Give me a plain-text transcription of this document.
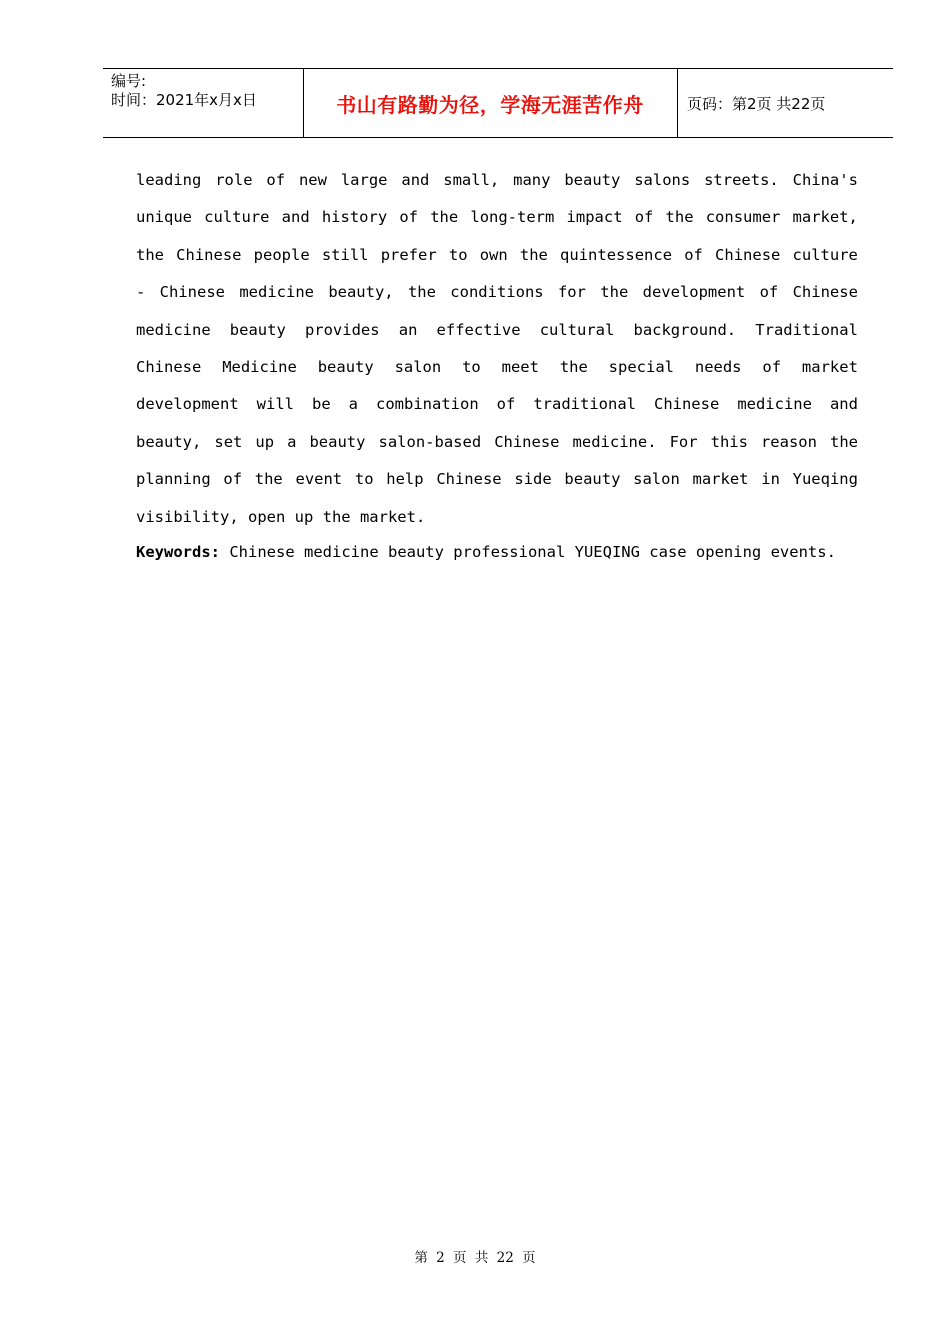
编号:
时间：2021年x月x日	书山有路勤为径，学海无涯苦作舟	页码：第2页 共22页
leading role of new large and small, many beauty salons streets. China's
unique culture and history of the long-term impact of the consumer market,
the Chinese people still prefer to own the quintessence of Chinese culture
- Chinese medicine beauty, the conditions for the development of Chinese
medicine beauty provides an effective cultural background. Traditional
Chinese Medicine beauty salon to meet the special needs of market
development will be a combination of traditional Chinese medicine and
beauty, set up a beauty salon-based Chinese medicine. For this reason the
planning of the event to help Chinese side beauty salon market in Yueqing
visibility, open up the market.
Keywords: Chinese medicine beauty professional YUEQING case opening events.
第 2 页 共 22 页
